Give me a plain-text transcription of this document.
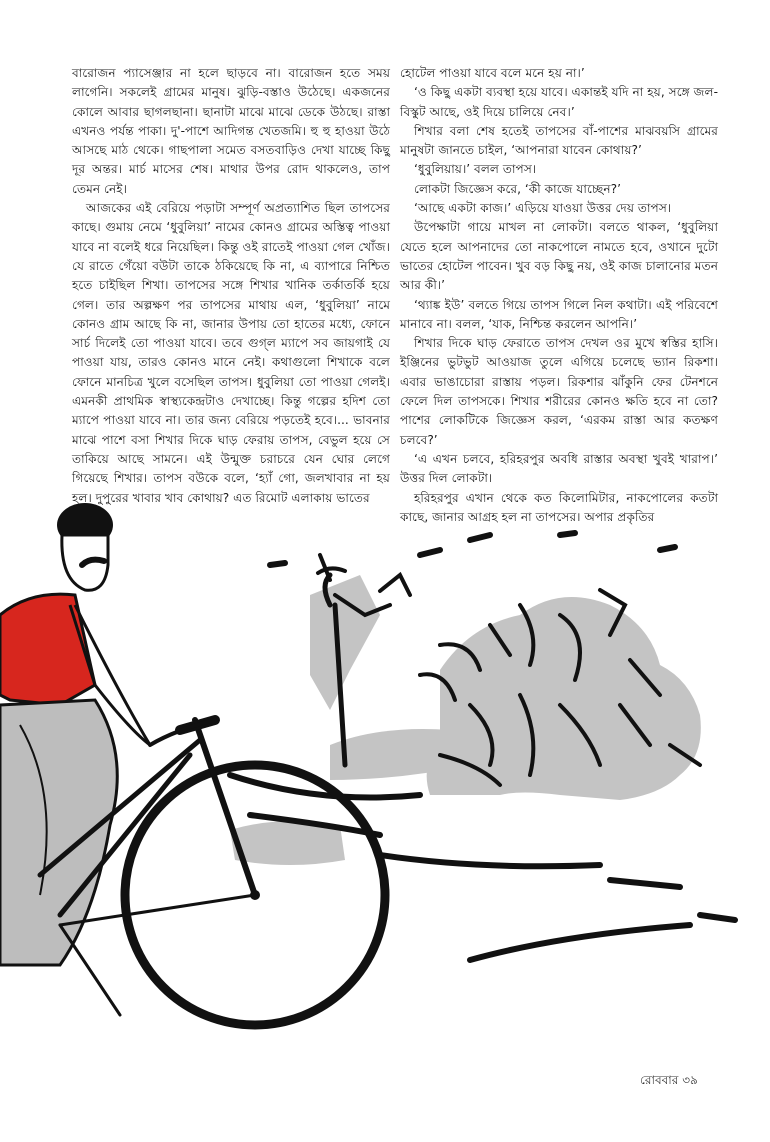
বারোজন প্যাসেঞ্জার না হলে ছাড়বে না। বারোজন হতে সময় লাগেনি। সকলেই গ্রামের মানুষ। ঝুড়ি-বস্তাও উঠেছে। একজনের কোলে আবার ছাগলছানা। ছানাটা মাঝে মাঝে ডেকে উঠছে। রাস্তা এখনও পর্যন্ত পাকা। দু'-পাশে আদিগন্ত খেতজমি। হু হু হাওয়া উঠে আসছে মাঠ থেকে। গাছপালা সমেত বসতবাড়িও দেখা যাচ্ছে কিছু দূর অন্তর। মার্চ মাসের শেষ। মাথার উপর রোদ থাকলেও, তাপ তেমন নেই।

আজকের এই বেরিয়ে পড়াটা সম্পূর্ণ অপ্রত্যাশিত ছিল তাপসের কাছে। গুমায় নেমে ‘ধুবুলিয়া’ নামের কোনও গ্রামের অস্তিত্ব পাওয়া যাবে না বলেই ধরে নিয়েছিল। কিন্তু ওই রাতেই পাওয়া গেল খোঁজ। যে রাতে গেঁয়ো বউটা তাকে ঠকিয়েছে কি না, এ ব্যাপারে নিশ্চিত হতে চাইছিল শিখা। তাপসের সঙ্গে শিখার খানিক তর্কাতর্কি হয়ে গেল। তার অল্পক্ষণ পর তাপসের মাথায় এল, ‘ধুবুলিয়া’ নামে কোনও গ্রাম আছে কি না, জানার উপায় তো হাতের মধ্যে, ফোনে সার্চ দিলেই তো পাওয়া যাবে। তবে গুগ্‌ল ম্যাপে সব জায়গাই যে পাওয়া যায়, তারও কোনও মানে নেই। কথাগুলো শিখাকে বলে ফোনে মানচিত্র খুলে বসেছিল তাপস। ধুবুলিয়া তো পাওয়া গেলই। এমনকী প্রাথমিক স্বাস্থ্যকেন্দ্রটাও দেখাচ্ছে। কিন্তু গল্পের হদিশ তো ম্যাপে পাওয়া যাবে না। তার জন্য বেরিয়ে পড়তেই হবে।... ভাবনার মাঝে পাশে বসা শিখার দিকে ঘাড় ফেরায় তাপস, বেভুল হয়ে সে তাকিয়ে আছে সামনে। এই উন্মুক্ত চরাচরে যেন ঘোর লেগে গিয়েছে শিখার। তাপস বউকে বলে, ‘হ্যাঁ গো, জলখাবার না হয় হল। দুপুরের খাবার খাব কোথায়? এত রিমোট এলাকায় ভাতের

হোটেল পাওয়া যাবে বলে মনে হয় না।’

‘ও কিছু একটা ব্যবস্থা হয়ে যাবে। একান্তই যদি না হয়, সঙ্গে জল-বিস্কুট আছে, ওই দিয়ে চালিয়ে নেব।’

শিখার বলা শেষ হতেই তাপসের বাঁ-পাশের মাঝবয়সি গ্রামের মানুষটা জানতে চাইল, ‘আপনারা যাবেন কোথায়?’

‘ধুবুলিয়ায়।’ বলল তাপস।

লোকটা জিজ্ঞেস করে, ‘কী কাজে যাচ্ছেন?’

‘আছে একটা কাজ।’ এড়িয়ে যাওয়া উত্তর দেয় তাপস।

উপেক্ষাটা গায়ে মাখল না লোকটা। বলতে থাকল, ‘ধুবুলিয়া যেতে হলে আপনাদের তো নাকপোলে নামতে হবে, ওখানে দুটো ভাতের হোটেল পাবেন। খুব বড় কিছু নয়, ওই কাজ চালানোর মতন আর কী।’

‘থ্যাঙ্ক ইউ’ বলতে গিয়ে তাপস গিলে নিল কথাটা। এই পরিবেশে মানাবে না। বলল, ‘যাক, নিশ্চিন্ত করলেন আপনি।’

শিখার দিকে ঘাড় ফেরাতে তাপস দেখল ওর মুখে স্বস্তির হাসি। ইঞ্জিনের ভুটভুট আওয়াজ তুলে এগিয়ে চলেছে ভ্যান রিকশা। এবার ভাঙাচোরা রাস্তায় পড়ল। রিকশার ঝাঁকুনি ফের টেনশনে ফেলে দিল তাপসকে। শিখার শরীরের কোনও ক্ষতি হবে না তো? পাশের লোকটিকে জিজ্ঞেস করল, ‘এরকম রাস্তা আর কতক্ষণ চলবে?’

‘এ এখন চলবে, হরিহরপুর অবধি রাস্তার অবস্থা খুবই খারাপ।’ উত্তর দিল লোকটা।

হরিহরপুর এখান থেকে কত কিলোমিটার, নাকপোলের কতটা কাছে, জানার আগ্রহ হল না তাপসের। অপার প্রকৃতির

রোববার ৩৯
